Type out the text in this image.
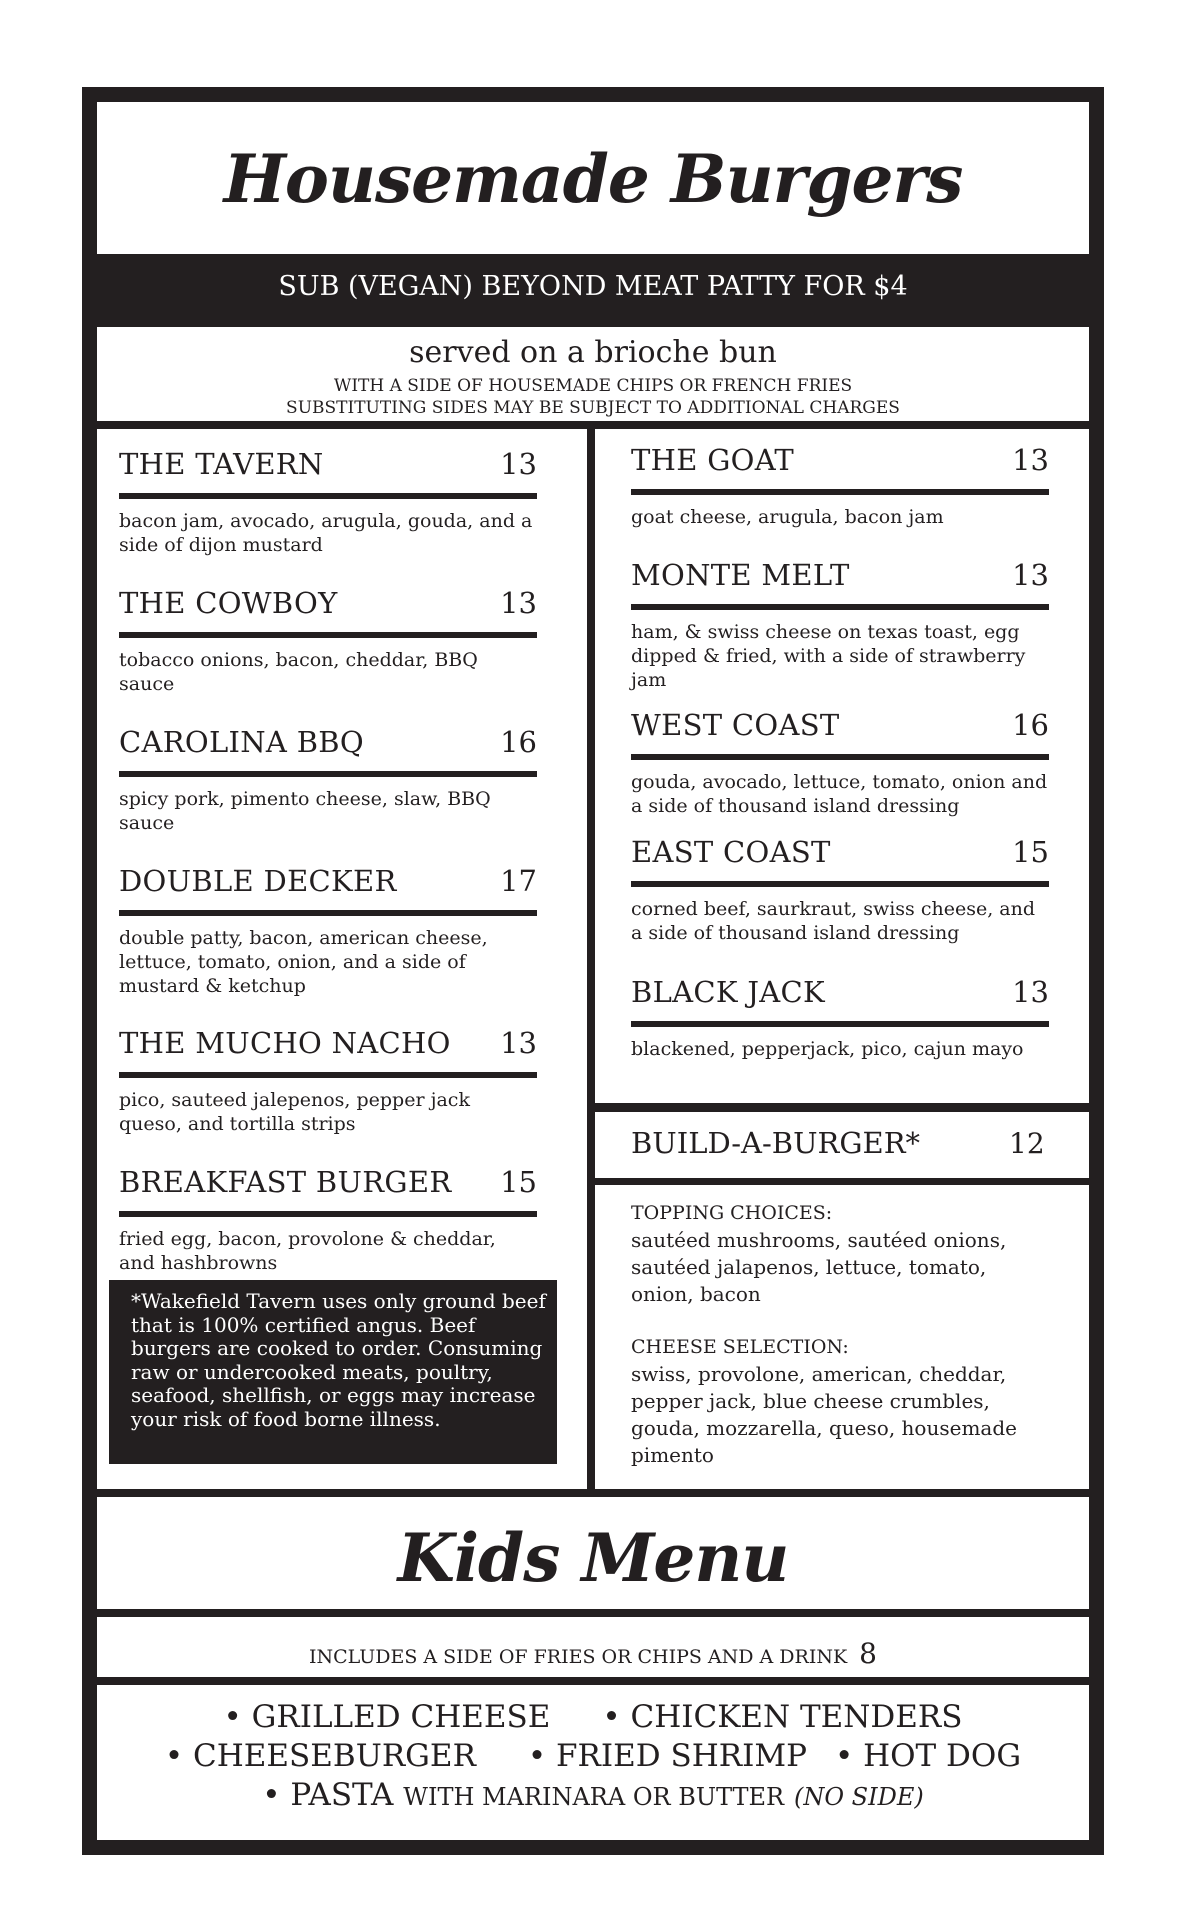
Housemade Burgers
SUB (VEGAN) BEYOND MEAT PATTY FOR $4
served on a brioche bun
WITH A SIDE OF HOUSEMADE CHIPS OR FRENCH FRIES
SUBSTITUTING SIDES MAY BE SUBJECT TO ADDITIONAL CHARGES
THE TAVERN	13
bacon jam, avocado, arugula, gouda, and a side of dijon mustard
THE COWBOY	13
tobacco onions, bacon, cheddar, BBQ sauce
CAROLINA BBQ	16
spicy pork, pimento cheese, slaw, BBQ sauce
DOUBLE DECKER	17
double patty, bacon, american cheese, lettuce, tomato, onion, and a side of mustard & ketchup
THE MUCHO NACHO 13
pico, sauteed jalepenos, pepper jack queso, and tortilla strips
BREAKFAST BURGER 15
fried egg, bacon, provolone & cheddar, and hashbrowns
*Wakefield Tavern uses only ground beef that is 100% certified angus. Beef burgers are cooked to order. Consuming raw or undercooked meats, poultry, seafood, shellfish, or eggs may increase your risk of food borne illness.
THE GOAT	13
goat cheese, arugula, bacon jam
MONTE MELT	13
ham, & swiss cheese on texas toast, egg dipped & fried, with a side of strawberry jam
WEST COAST	16
gouda, avocado, lettuce, tomato, onion and a side of thousand island dressing
EAST COAST	15
corned beef, saurkraut, swiss cheese, and a side of thousand island dressing
BLACK JACK	13
blackened, pepperjack, pico, cajun mayo
BUILD-A-BURGER*	12
TOPPING CHOICES:
sautéed mushrooms, sautéed onions, sautéed jalapenos, lettuce, tomato, onion, bacon
CHEESE SELECTION:
swiss, provolone, american, cheddar, pepper jack, blue cheese crumbles, gouda, mozzarella, queso, housemade pimento
Kids Menu
INCLUDES A SIDE OF FRIES OR CHIPS AND A DRINK 8
• GRILLED CHEESE • CHICKEN TENDERS
• CHEESEBURGER • FRIED SHRIMP • HOT DOG
• PASTA WITH MARINARA OR BUTTER (NO SIDE)
